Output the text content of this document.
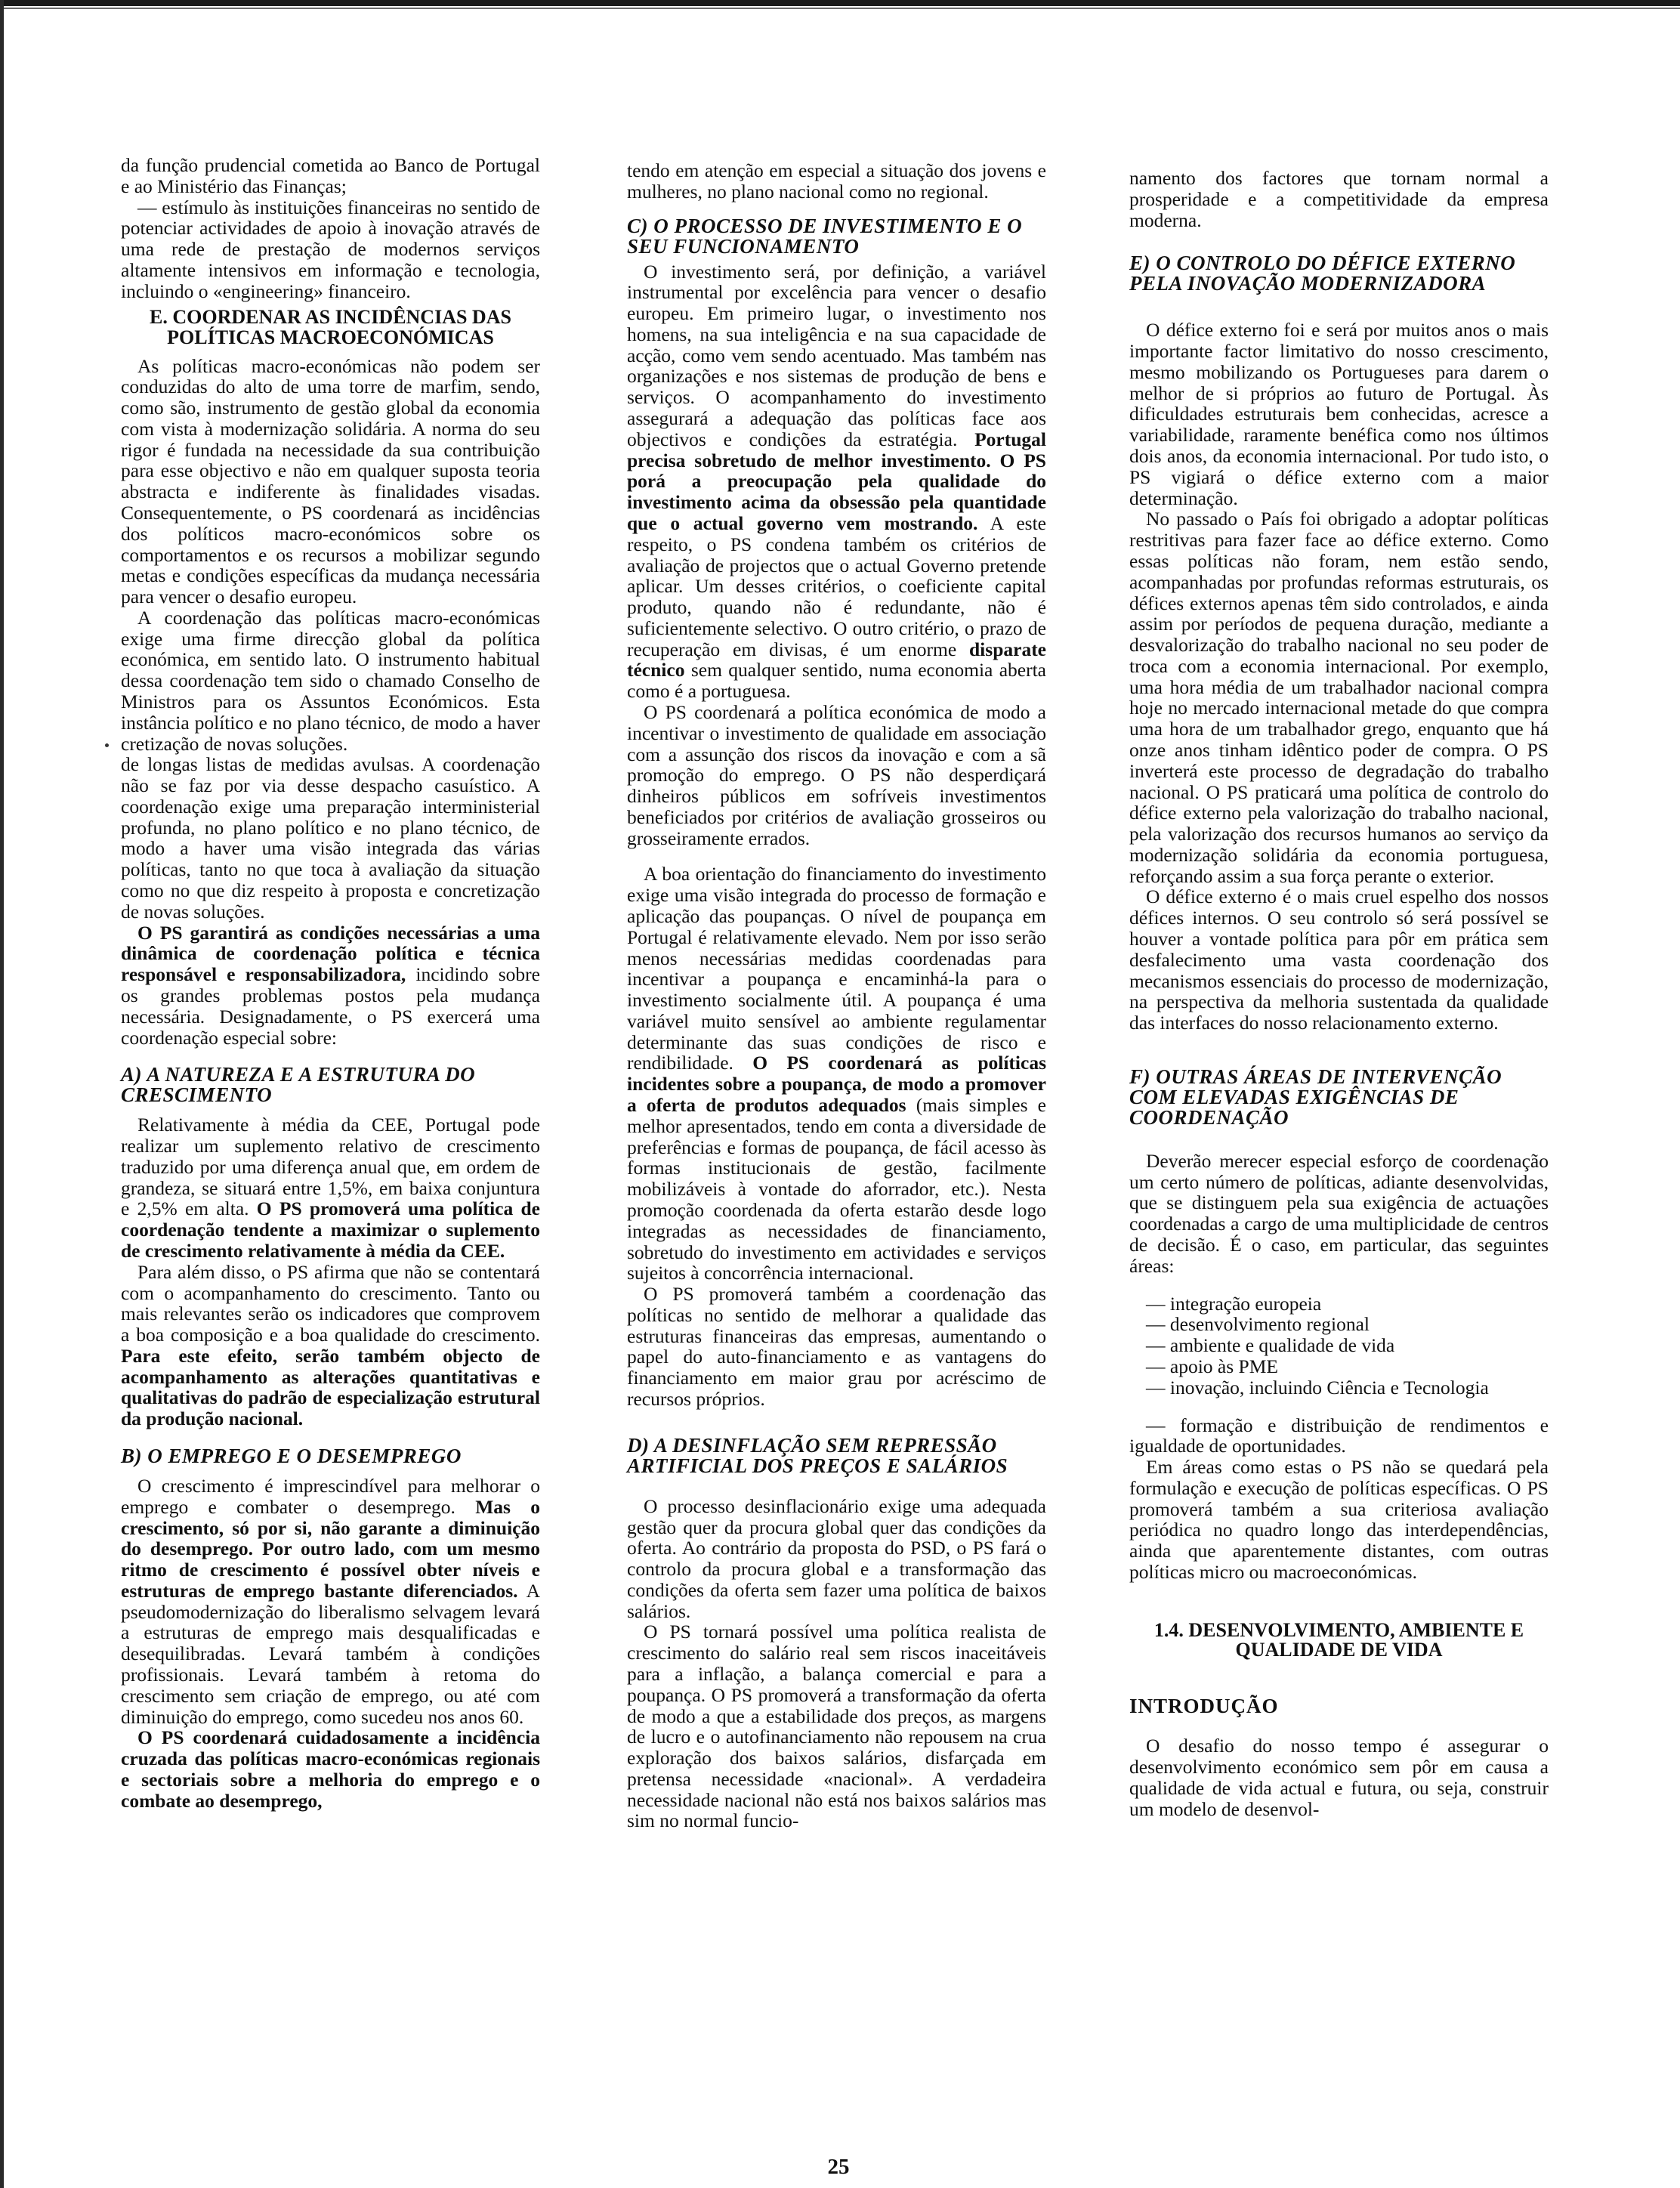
da função prudencial cometida ao Banco de Portugal e ao Ministério das Finanças;

— estímulo às instituições financeiras no sentido de potenciar actividades de apoio à inovação através de uma rede de prestação de modernos serviços altamente intensivos em informação e tecnologia, incluindo o «engineering» financeiro.

E. COORDENAR AS INCIDÊNCIAS DAS POLÍTICAS MACROECONÓMICAS

As políticas macro-económicas não podem ser conduzidas do alto de uma torre de marfim, sendo, como são, instrumento de gestão global da economia com vista à modernização solidária. A norma do seu rigor é fundada na necessidade da sua contribuição para esse objectivo e não em qualquer suposta teoria abstracta e indiferente às finalidades visadas. Consequentemente, o PS coordenará as incidências dos políticos macro-económicos sobre os comportamentos e os recursos a mobilizar segundo metas e condições específicas da mudança necessária para vencer o desafio europeu.

A coordenação das políticas macro-económicas exige uma firme direcção global da política económica, em sentido lato. O instrumento habitual dessa coordenação tem sido o chamado Conselho de Ministros para os Assuntos Económicos. Esta instância político e no plano técnico, de modo a haver cretização de novas soluções.

de longas listas de medidas avulsas. A coordenação não se faz por via desse despacho casuístico. A coordenação exige uma preparação interministerial profunda, no plano político e no plano técnico, de modo a haver uma visão integrada das várias políticas, tanto no que toca à avaliação da situação como no que diz respeito à proposta e concretização de novas soluções.

O PS garantirá as condições necessárias a uma dinâmica de coordenação política e técnica responsável e responsabilizadora, incidindo sobre os grandes problemas postos pela mudança necessária. Designadamente, o PS exercerá uma coordenação especial sobre:

A) A NATUREZA E A ESTRUTURA DO CRESCIMENTO

Relativamente à média da CEE, Portugal pode realizar um suplemento relativo de crescimento traduzido por uma diferença anual que, em ordem de grandeza, se situará entre 1,5%, em baixa conjuntura e 2,5% em alta. O PS promoverá uma política de coordenação tendente a maximizar o suplemento de crescimento relativamente à média da CEE.

Para além disso, o PS afirma que não se contentará com o acompanhamento do crescimento. Tanto ou mais relevantes serão os indicadores que comprovem a boa composição e a boa qualidade do crescimento. Para este efeito, serão também objecto de acompanhamento as alterações quantitativas e qualitativas do padrão de especialização estrutural da produção nacional.

B) O EMPREGO E O DESEMPREGO

O crescimento é imprescindível para melhorar o emprego e combater o desemprego. Mas o crescimento, só por si, não garante a diminuição do desemprego. Por outro lado, com um mesmo ritmo de crescimento é possível obter níveis e estruturas de emprego bastante diferenciados. A pseudomodernização do liberalismo selvagem levará a estruturas de emprego mais desqualificadas e desequilibradas. Levará também à condições profissionais. Levará também à retoma do crescimento sem criação de emprego, ou até com diminuição do emprego, como sucedeu nos anos 60.

O PS coordenará cuidadosamente a incidência cruzada das políticas macro-económicas regionais e sectoriais sobre a melhoria do emprego e o combate ao desemprego,

tendo em atenção em especial a situação dos jovens e mulheres, no plano nacional como no regional.

C) O PROCESSO DE INVESTIMENTO E O SEU FUNCIONAMENTO

O investimento será, por definição, a variável instrumental por excelência para vencer o desafio europeu. Em primeiro lugar, o investimento nos homens, na sua inteligência e na sua capacidade de acção, como vem sendo acentuado. Mas também nas organizações e nos sistemas de produção de bens e serviços. O acompanhamento do investimento assegurará a adequação das políticas face aos objectivos e condições da estratégia. Portugal precisa sobretudo de melhor investimento. O PS porá a preocupação pela qualidade do investimento acima da obsessão pela quantidade que o actual governo vem mostrando. A este respeito, o PS condena também os critérios de avaliação de projectos que o actual Governo pretende aplicar. Um desses critérios, o coeficiente capital produto, quando não é redundante, não é suficientemente selectivo. O outro critério, o prazo de recuperação em divisas, é um enorme disparate técnico sem qualquer sentido, numa economia aberta como é a portuguesa.

O PS coordenará a política económica de modo a incentivar o investimento de qualidade em associação com a assunção dos riscos da inovação e com a sã promoção do emprego. O PS não desperdiçará dinheiros públicos em sofríveis investimentos beneficiados por critérios de avaliação grosseiros ou grosseiramente errados.

A boa orientação do financiamento do investimento exige uma visão integrada do processo de formação e aplicação das poupanças. O nível de poupança em Portugal é relativamente elevado. Nem por isso serão menos necessárias medidas coordenadas para incentivar a poupança e encaminhá-la para o investimento socialmente útil. A poupança é uma variável muito sensível ao ambiente regulamentar determinante das suas condições de risco e rendibilidade. O PS coordenará as políticas incidentes sobre a poupança, de modo a promover a oferta de produtos adequados (mais simples e melhor apresentados, tendo em conta a diversidade de preferências e formas de poupança, de fácil acesso às formas institucionais de gestão, facilmente mobilizáveis à vontade do aforrador, etc.). Nesta promoção coordenada da oferta estarão desde logo integradas as necessidades de financiamento, sobretudo do investimento em actividades e serviços sujeitos à concorrência internacional.

O PS promoverá também a coordenação das políticas no sentido de melhorar a qualidade das estruturas financeiras das empresas, aumentando o papel do auto-financiamento e as vantagens do financiamento em maior grau por acréscimo de recursos próprios.

D) A DESINFLAÇÃO SEM REPRESSÃO ARTIFICIAL DOS PREÇOS E SALÁRIOS

O processo desinflacionário exige uma adequada gestão quer da procura global quer das condições da oferta. Ao contrário da proposta do PSD, o PS fará o controlo da procura global e a transformação das condições da oferta sem fazer uma política de baixos salários.

O PS tornará possível uma política realista de crescimento do salário real sem riscos inaceitáveis para a inflação, a balança comercial e para a poupança. O PS promoverá a transformação da oferta de modo a que a estabilidade dos preços, as margens de lucro e o autofinanciamento não repousem na crua exploração dos baixos salários, disfarçada em pretensa necessidade «nacional». A verdadeira necessidade nacional não está nos baixos salários mas sim no normal funcio-

namento dos factores que tornam normal a prosperidade e a competitividade da empresa moderna.

E) O CONTROLO DO DÉFICE EXTERNO PELA INOVAÇÃO MODERNIZADORA

O défice externo foi e será por muitos anos o mais importante factor limitativo do nosso crescimento, mesmo mobilizando os Portugueses para darem o melhor de si próprios ao futuro de Portugal. Às dificuldades estruturais bem conhecidas, acresce a variabilidade, raramente benéfica como nos últimos dois anos, da economia internacional. Por tudo isto, o PS vigiará o défice externo com a maior determinação.

No passado o País foi obrigado a adoptar políticas restritivas para fazer face ao défice externo. Como essas políticas não foram, nem estão sendo, acompanhadas por profundas reformas estruturais, os défices externos apenas têm sido controlados, e ainda assim por períodos de pequena duração, mediante a desvalorização do trabalho nacional no seu poder de troca com a economia internacional. Por exemplo, uma hora média de um trabalhador nacional compra hoje no mercado internacional metade do que compra uma hora de um trabalhador grego, enquanto que há onze anos tinham idêntico poder de compra. O PS inverterá este processo de degradação do trabalho nacional. O PS praticará uma política de controlo do défice externo pela valorização do trabalho nacional, pela valorização dos recursos humanos ao serviço da modernização solidária da economia portuguesa, reforçando assim a sua força perante o exterior.

O défice externo é o mais cruel espelho dos nossos défices internos. O seu controlo só será possível se houver a vontade política para pôr em prática sem desfalecimento uma vasta coordenação dos mecanismos essenciais do processo de modernização, na perspectiva da melhoria sustentada da qualidade das interfaces do nosso relacionamento externo.

F) OUTRAS ÁREAS DE INTERVENÇÃO COM ELEVADAS EXIGÊNCIAS DE COORDENAÇÃO

Deverão merecer especial esforço de coordenação um certo número de políticas, adiante desenvolvidas, que se distinguem pela sua exigência de actuações coordenadas a cargo de uma multiplicidade de centros de decisão. É o caso, em particular, das seguintes áreas:

— integração europeia
— desenvolvimento regional
— ambiente e qualidade de vida
— apoio às PME
— inovação, incluindo Ciência e Tecnologia

— formação e distribuição de rendimentos e igualdade de oportunidades.

Em áreas como estas o PS não se quedará pela formulação e execução de políticas específicas. O PS promoverá também a sua criteriosa avaliação periódica no quadro longo das interdependências, ainda que aparentemente distantes, com outras políticas micro ou macroeconómicas.

1.4. DESENVOLVIMENTO, AMBIENTE E QUALIDADE DE VIDA
INTRODUÇÃO

O desafio do nosso tempo é assegurar o desenvolvimento económico sem pôr em causa a qualidade de vida actual e futura, ou seja, construir um modelo de desenvol-

25
